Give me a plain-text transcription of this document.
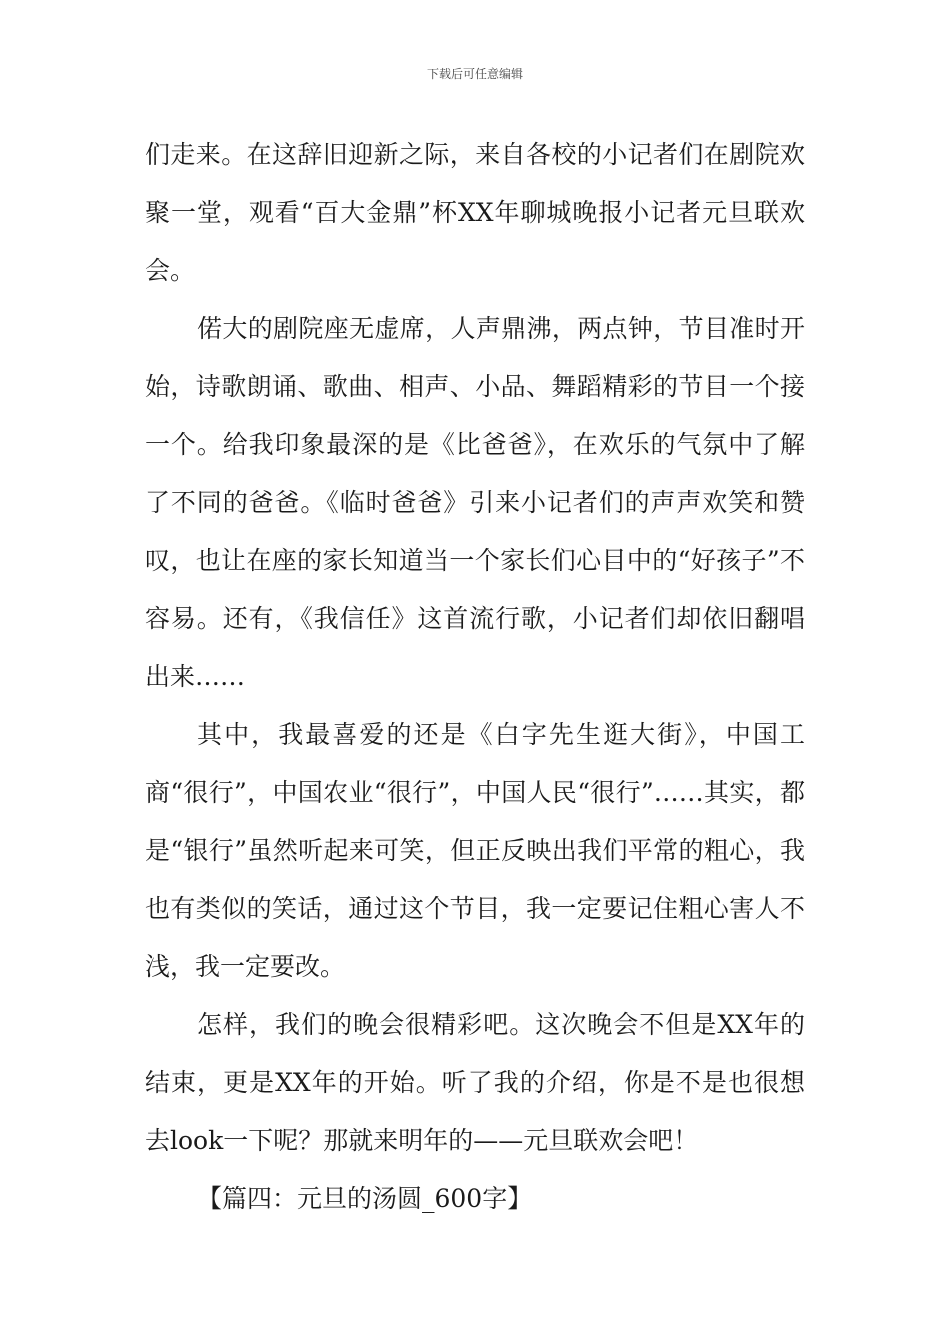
下载后可任意编辑

们走来。在这辞旧迎新之际，来自各校的小记者们在剧院欢聚一堂，观看“百大金鼎”杯XX年聊城晚报小记者元旦联欢会。

偌大的剧院座无虚席，人声鼎沸，两点钟，节目准时开始，诗歌朗诵、歌曲、相声、小品、舞蹈精彩的节目一个接一个。给我印象最深的是《比爸爸》，在欢乐的气氛中了解了不同的爸爸。《临时爸爸》引来小记者们的声声欢笑和赞叹，也让在座的家长知道当一个家长们心目中的“好孩子”不容易。还有，《我信任》这首流行歌，小记者们却依旧翻唱出来……

其中，我最喜爱的还是《白字先生逛大街》，中国工商“很行”，中国农业“很行”，中国人民“很行”……其实，都是“银行”虽然听起来可笑，但正反映出我们平常的粗心，我也有类似的笑话，通过这个节目，我一定要记住粗心害人不浅，我一定要改。

怎样，我们的晚会很精彩吧。这次晚会不但是XX年的结束，更是XX年的开始。听了我的介绍，你是不是也很想去look一下呢？那就来明年的——元旦联欢会吧！

【篇四：元旦的汤圆_600字】
